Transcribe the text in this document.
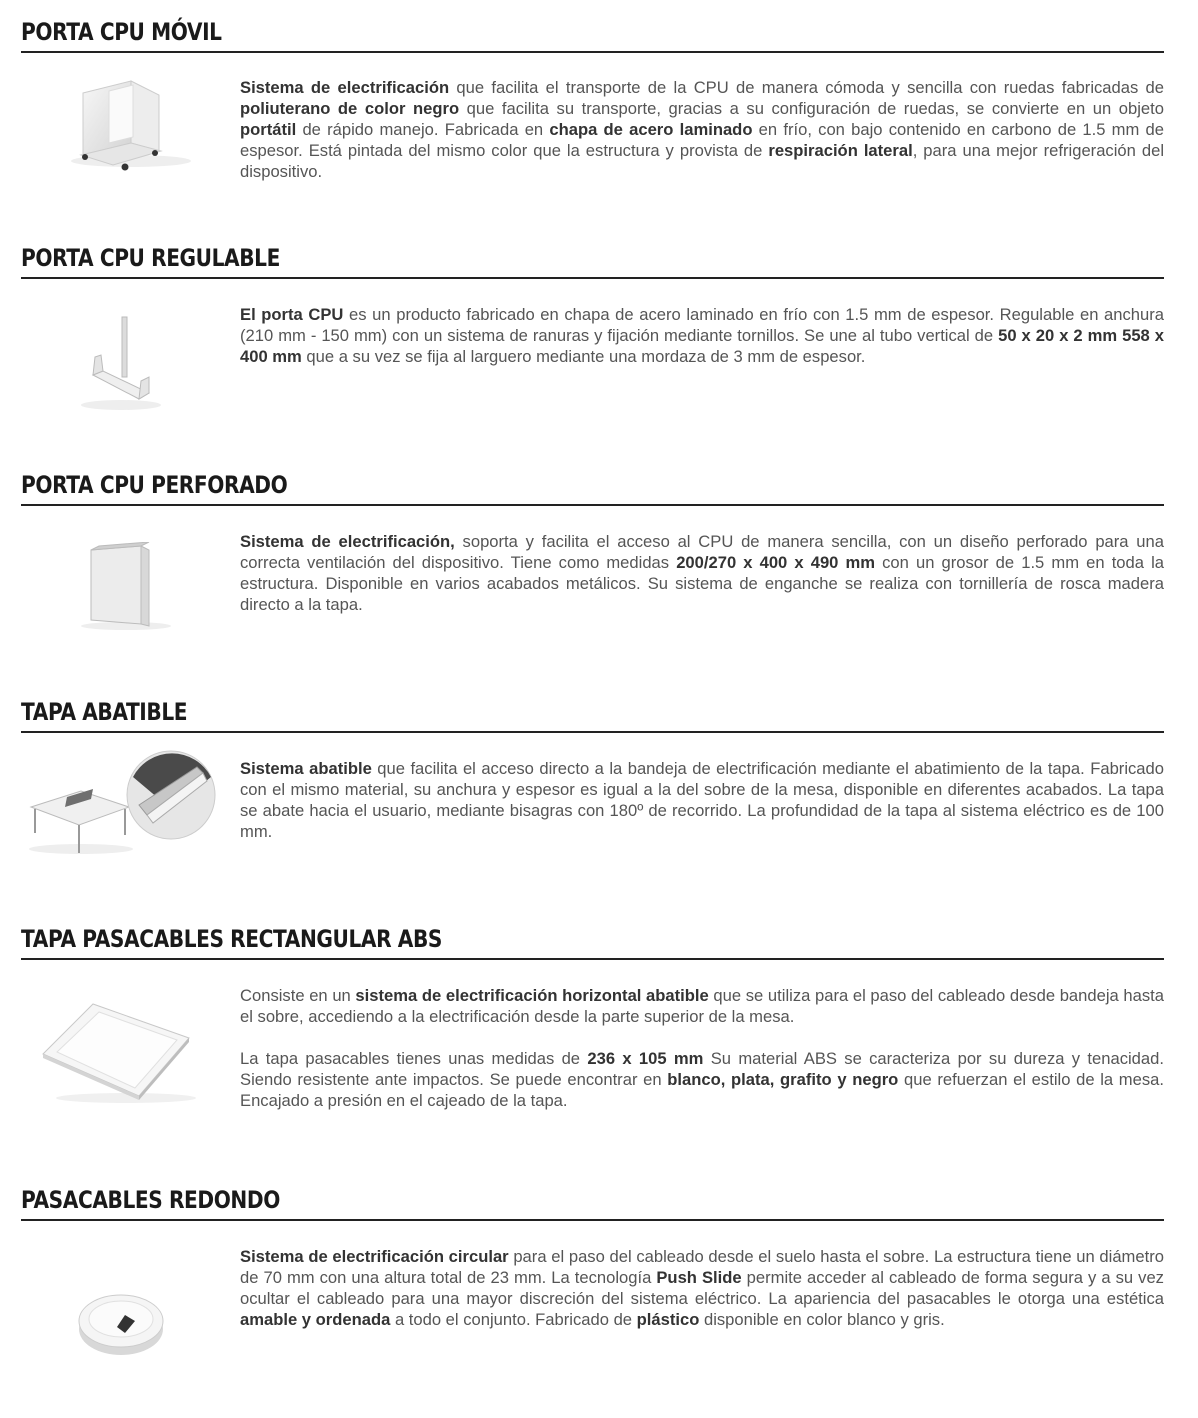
PORTA CPU MÓVIL

Sistema de electrificación que facilita el transporte de la CPU de manera cómoda y sencilla con ruedas fabricadas de poliuterano de color negro que facilita su transporte, gracias a su configuración de ruedas, se convierte en un objeto portátil de rápido manejo. Fabricada en chapa de acero laminado en frío, con bajo contenido en carbono de 1.5 mm de espesor. Está pintada del mismo color que la estructura y provista de respiración lateral, para una mejor refrigeración del dispositivo.

PORTA CPU REGULABLE

El porta CPU es un producto fabricado en chapa de acero laminado en frío con 1.5 mm de espesor. Regulable en anchura (210 mm - 150 mm) con un sistema de ranuras y fijación mediante tornillos. Se une al tubo vertical de 50 x 20 x 2 mm 558 x 400 mm que a su vez se fija al larguero mediante una mordaza de 3 mm de espesor.

PORTA CPU PERFORADO

Sistema de electrificación, soporta y facilita el acceso al CPU de manera sencilla, con un diseño perforado para una correcta ventilación del dispositivo. Tiene como medidas 200/270 x 400 x 490 mm con un grosor de 1.5 mm en toda la estructura. Disponible en varios acabados metálicos. Su sistema de enganche se realiza con tornillería de rosca madera directo a la tapa.

TAPA ABATIBLE

Sistema abatible que facilita el acceso directo a la bandeja de electrificación mediante el abatimiento de la tapa. Fabricado con el mismo material, su anchura y espesor es igual a la del sobre de la mesa, disponible en diferentes acabados. La tapa se abate hacia el usuario, mediante bisagras con 180º de recorrido. La profundidad de la tapa al sistema eléctrico es de 100 mm.

TAPA PASACABLES RECTANGULAR ABS

Consiste en un sistema de electrificación horizontal abatible que se utiliza para el paso del cableado desde bandeja hasta el sobre, accediendo a la electrificación desde la parte superior de la mesa.

La tapa pasacables tienes unas medidas de 236 x 105 mm Su material ABS se caracteriza por su dureza y tenacidad. Siendo resistente ante impactos. Se puede encontrar en blanco, plata, grafito y negro que refuerzan el estilo de la mesa. Encajado a presión en el cajeado de la tapa.

PASACABLES REDONDO

Sistema de electrificación circular para el paso del cableado desde el suelo hasta el sobre. La estructura tiene un diámetro de 70 mm con una altura total de 23 mm. La tecnología Push Slide permite acceder al cableado de forma segura y a su vez ocultar el cableado para una mayor discreción del sistema eléctrico. La apariencia del pasacables le otorga una estética amable y ordenada a todo el conjunto. Fabricado de plástico disponible en color blanco y gris.
